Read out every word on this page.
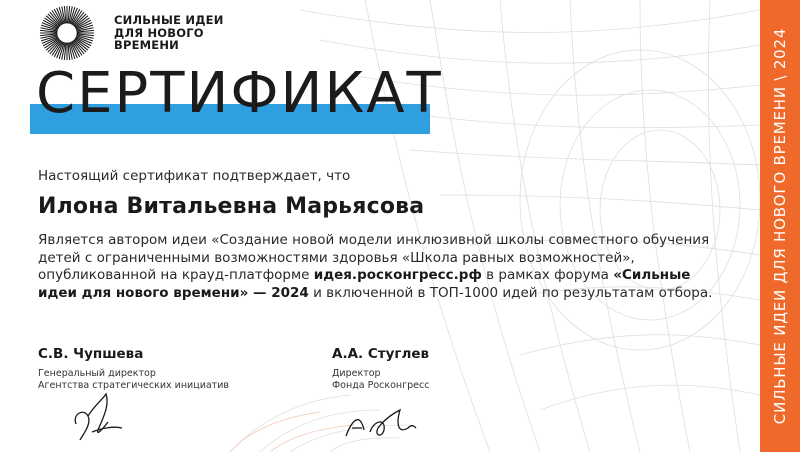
СИЛЬНЫЕ ИДЕИ
ДЛЯ НОВОГО
ВРЕМЕНИ
СЕРТИФИКАТ
Настоящий сертификат подтверждает, что
Илона Витальевна Марьясова
Является автором идеи «Создание новой модели инклюзивной школы совместного обучения детей с ограниченными возможностями здоровья «Школа равных возможностей», опубликованной на крауд-платформе идея.росконгресс.рф в рамках форума «Сильные идеи для нового времени» — 2024 и включенной в ТОП-1000 идей по результатам отбора.
С.В. Чупшева
Генеральный директор
Агентства стратегических инициатив
А.А. Стуглев
Директор
Фонда Росконгресс	СИЛЬНЫЕ ИДЕИ ДЛЯ НОВОГО ВРЕМЕНИ \ 2024
